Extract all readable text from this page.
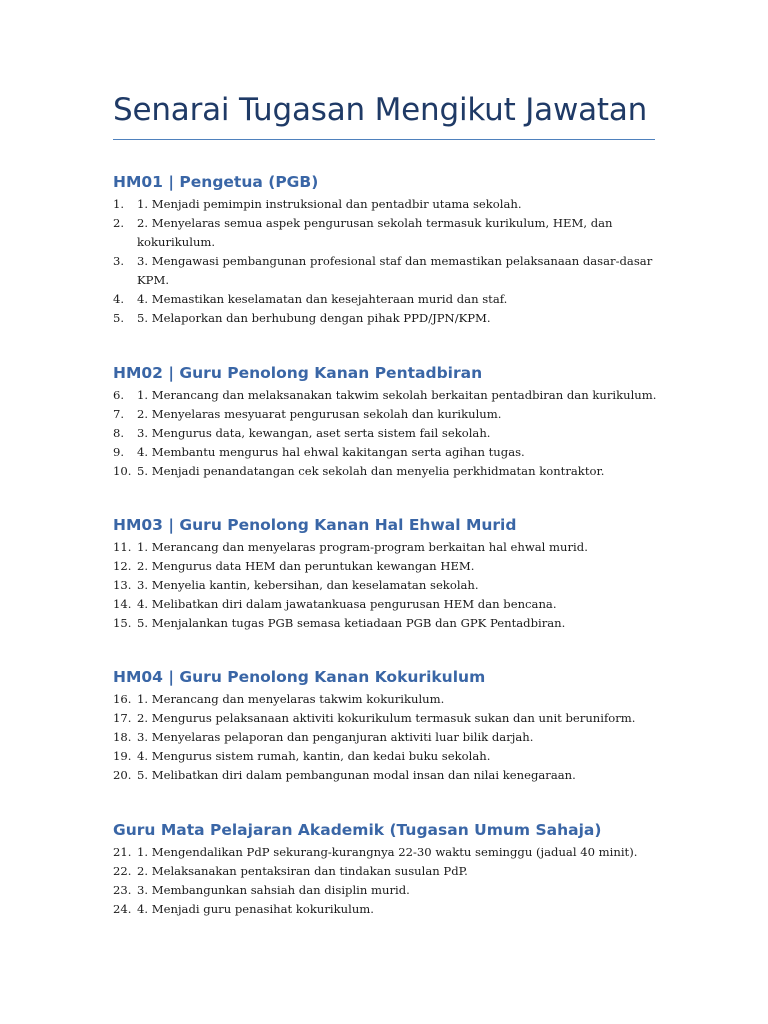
Senarai Tugasan Mengikut Jawatan
HM01 | Pengetua (PGB)
1. 1. Menjadi pemimpin instruksional dan pentadbir utama sekolah.
2. 2. Menyelaras semua aspek pengurusan sekolah termasuk kurikulum, HEM, dan kokurikulum.
3. 3. Mengawasi pembangunan profesional staf dan memastikan pelaksanaan dasar-dasar KPM.
4. 4. Memastikan keselamatan dan kesejahteraan murid dan staf.
5. 5. Melaporkan dan berhubung dengan pihak PPD/JPN/KPM.
HM02 | Guru Penolong Kanan Pentadbiran
6. 1. Merancang dan melaksanakan takwim sekolah berkaitan pentadbiran dan kurikulum.
7. 2. Menyelaras mesyuarat pengurusan sekolah dan kurikulum.
8. 3. Mengurus data, kewangan, aset serta sistem fail sekolah.
9. 4. Membantu mengurus hal ehwal kakitangan serta agihan tugas.
10. 5. Menjadi penandatangan cek sekolah dan menyelia perkhidmatan kontraktor.
HM03 | Guru Penolong Kanan Hal Ehwal Murid
11. 1. Merancang dan menyelaras program-program berkaitan hal ehwal murid.
12. 2. Mengurus data HEM dan peruntukan kewangan HEM.
13. 3. Menyelia kantin, kebersihan, dan keselamatan sekolah.
14. 4. Melibatkan diri dalam jawatankuasa pengurusan HEM dan bencana.
15. 5. Menjalankan tugas PGB semasa ketiadaan PGB dan GPK Pentadbiran.
HM04 | Guru Penolong Kanan Kokurikulum
16. 1. Merancang dan menyelaras takwim kokurikulum.
17. 2. Mengurus pelaksanaan aktiviti kokurikulum termasuk sukan dan unit beruniform.
18. 3. Menyelaras pelaporan dan penganjuran aktiviti luar bilik darjah.
19. 4. Mengurus sistem rumah, kantin, dan kedai buku sekolah.
20. 5. Melibatkan diri dalam pembangunan modal insan dan nilai kenegaraan.
Guru Mata Pelajaran Akademik (Tugasan Umum Sahaja)
21. 1. Mengendalikan PdP sekurang-kurangnya 22-30 waktu seminggu (jadual 40 minit).
22. 2. Melaksanakan pentaksiran dan tindakan susulan PdP.
23. 3. Membangunkan sahsiah dan disiplin murid.
24. 4. Menjadi guru penasihat kokurikulum.
